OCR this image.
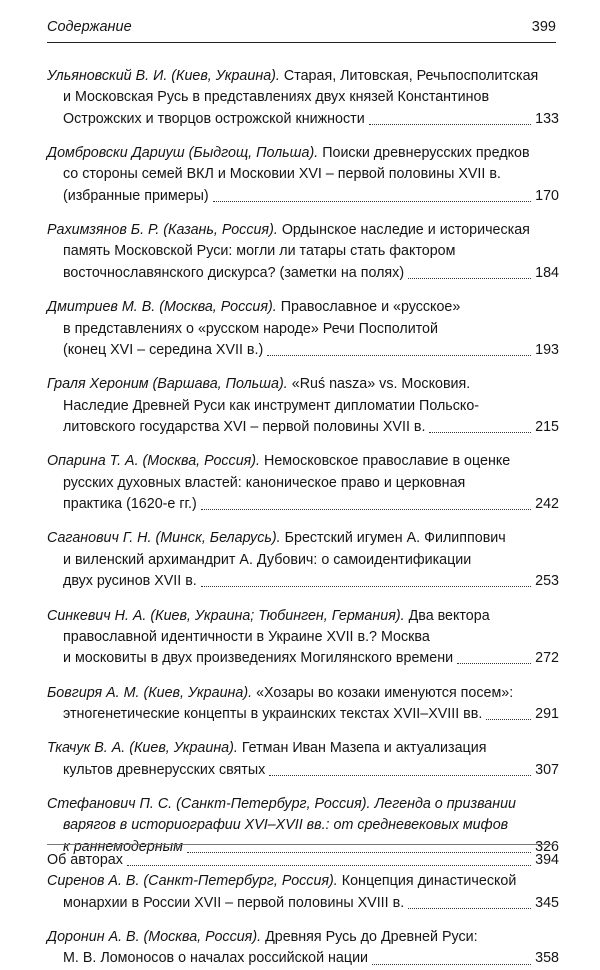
Содержание	399
Ульяновский В. И. (Киев, Украина). Старая, Литовская, Речьпосполитская
и Московская Русь в представлениях двух князей Константинов
Острожских и творцов острожской книжности	133
Домбровски Дариуш (Быдгощ, Польша). Поиски древнерусских предков
со стороны семей ВКЛ и Московии XVI – первой половины XVII в.
(избранные примеры)	170
Рахимзянов Б. Р. (Казань, Россия). Ордынское наследие и историческая
память Московской Руси: могли ли татары стать фактором
восточнославянского дискурса? (заметки на полях)	184
Дмитриев М. В. (Москва, Россия). Православное и «русское»
в представлениях о «русском народе» Речи Посполитой
(конец XVI – середина XVII в.)	193
Граля Хероним (Варшава, Польша). «Ruś nasza» vs. Московия.
Наследие Древней Руси как инструмент дипломатии Польско-
литовского государства XVI – первой половины XVII в.	215
Опарина Т. А. (Москва, Россия). Немосковское православие в оценке
русских духовных властей: каноническое право и церковная
практика (1620-е гг.)	242
Саганович Г. Н. (Минск, Беларусь). Брестский игумен А. Филиппович
и виленский архимандрит А. Дубович: о самоидентификации
двух русинов XVII в.	253
Синкевич Н. А. (Киев, Украина; Тюбинген, Германия). Два вектора
православной идентичности в Украине XVII в.? Москва
и московиты в двух произведениях Могилянского времени	272
Бовгиря А. М. (Киев, Украина). «Хозары во козаки именуются посем»:
этногенетические концепты в украинских текстах XVII–XVIII вв.	291
Ткачук В. А. (Киев, Украина). Гетман Иван Мазепа и актуализация
культов древнерусских святых	307
Стефанович П. С. (Санкт-Петербург, Россия). Легенда о призвании
варягов в историографии XVI–XVII вв.: от средневековых мифов
к раннемодерным	326
Сиренов А. В. (Санкт-Петербург, Россия). Концепция династической
монархии в России XVII – первой половины XVIII в.	345
Доронин А. В. (Москва, Россия). Древняя Русь до Древней Руси:
М. В. Ломоносов о началах российской нации	358
Об авторах	394
